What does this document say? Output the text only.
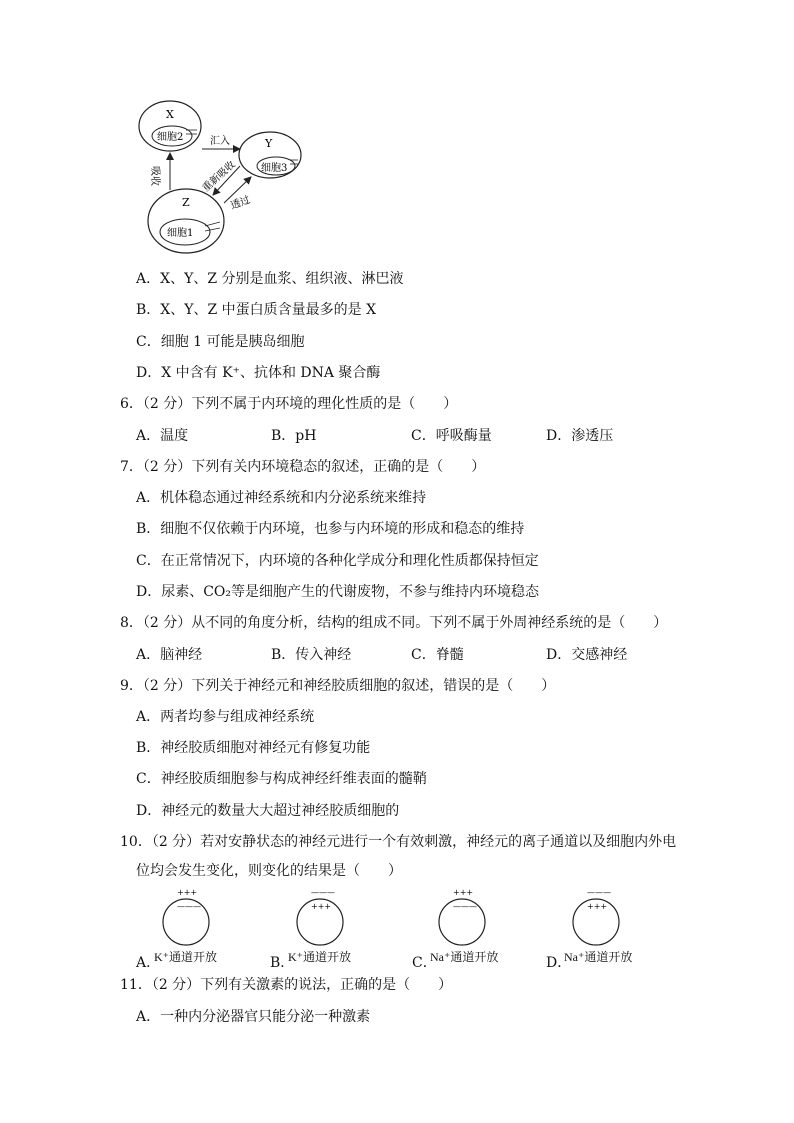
X
细胞2	Y
细胞3
Z
细胞1
汇入
重新吸收
透过
吸收
A．X、Y、Z 分别是血浆、组织液、淋巴液
B．X、Y、Z 中蛋白质含量最多的是 X
C．细胞 1 可能是胰岛细胞
D．X 中含有 K⁺、抗体和 DNA 聚合酶
6．（2 分）下列不属于内环境的理化性质的是（　　）
A．温度	B．pH	C．呼吸酶量	D．渗透压
7．（2 分）下列有关内环境稳态的叙述，正确的是（　　）
A．机体稳态通过神经系统和内分泌系统来维持
B．细胞不仅依赖于内环境，也参与内环境的形成和稳态的维持
C．在正常情况下，内环境的各种化学成分和理化性质都保持恒定
D．尿素、CO₂等是细胞产生的代谢废物，不参与维持内环境稳态
8．（2 分）从不同的角度分析，结构的组成不同。下列不属于外周神经系统的是（　　）
A．脑神经	B．传入神经	C．脊髓	D．交感神经
9．（2 分）下列关于神经元和神经胶质细胞的叙述，错误的是（　　）
A．两者均参与组成神经系统
B．神经胶质细胞对神经元有修复功能
C．神经胶质细胞参与构成神经纤维表面的髓鞘
D．神经元的数量大大超过神经胶质细胞的
10．（2 分）若对安静状态的神经元进行一个有效刺激，神经元的离子通道以及细胞内外电
位均会发生变化，则变化的结果是（　　）
+++
———
A．
K⁺通道开放
———
+++
B．
K⁺通道开放
+++
———
C．
Na⁺通道开放
———
+++
D．
Na⁺通道开放
11．（2 分）下列有关激素的说法，正确的是（　　）
A．一种内分泌器官只能分泌一种激素
